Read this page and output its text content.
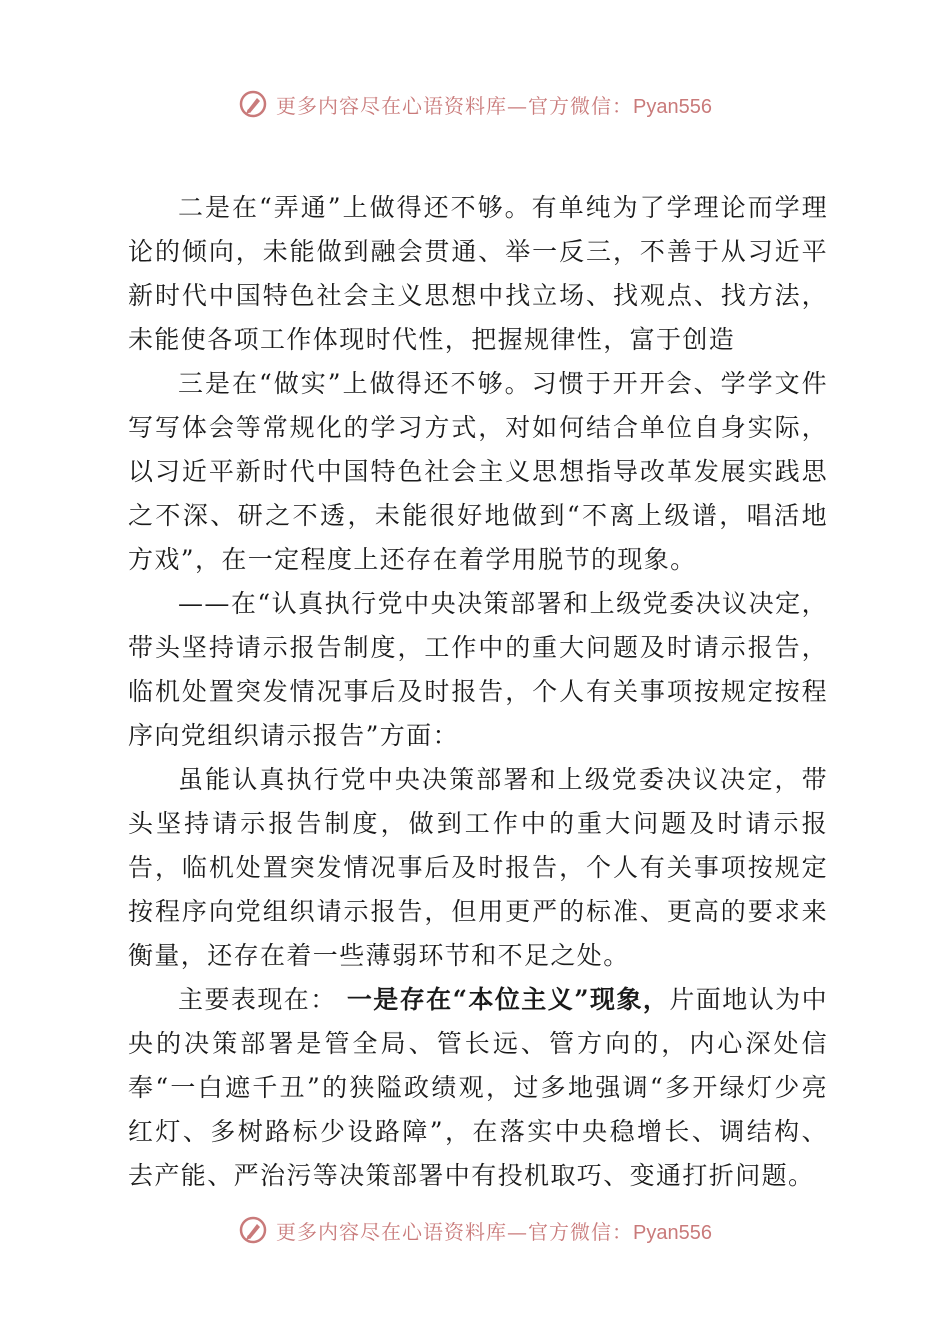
更多内容尽在心语资料库—官方微信：Pyan556

二是在“弄通”上做得还不够。有单纯为了学理论而学理论的倾向，未能做到融会贯通、举一反三，不善于从习近平新时代中国特色社会主义思想中找立场、找观点、找方法，未能使各项工作体现时代性，把握规律性，富于创造

三是在“做实”上做得还不够。习惯于开开会、学学文件写写体会等常规化的学习方式，对如何结合单位自身实际，以习近平新时代中国特色社会主义思想指导改革发展实践思之不深、研之不透，未能很好地做到“不离上级谱，唱活地方戏”，在一定程度上还存在着学用脱节的现象。

——在“认真执行党中央决策部署和上级党委决议决定，带头坚持请示报告制度，工作中的重大问题及时请示报告，临机处置突发情况事后及时报告，个人有关事项按规定按程序向党组织请示报告”方面：

虽能认真执行党中央决策部署和上级党委决议决定，带头坚持请示报告制度，做到工作中的重大问题及时请示报告，临机处置突发情况事后及时报告，个人有关事项按规定按程序向党组织请示报告，但用更严的标准、更高的要求来衡量，还存在着一些薄弱环节和不足之处。

主要表现在： 一是存在“本位主义”现象，片面地认为中央的决策部署是管全局、管长远、管方向的，内心深处信奉“一白遮千丑”的狭隘政绩观，过多地强调“多开绿灯少亮红灯、多树路标少设路障”，在落实中央稳增长、调结构、去产能、严治污等决策部署中有投机取巧、变通打折问题。

更多内容尽在心语资料库—官方微信：Pyan556
